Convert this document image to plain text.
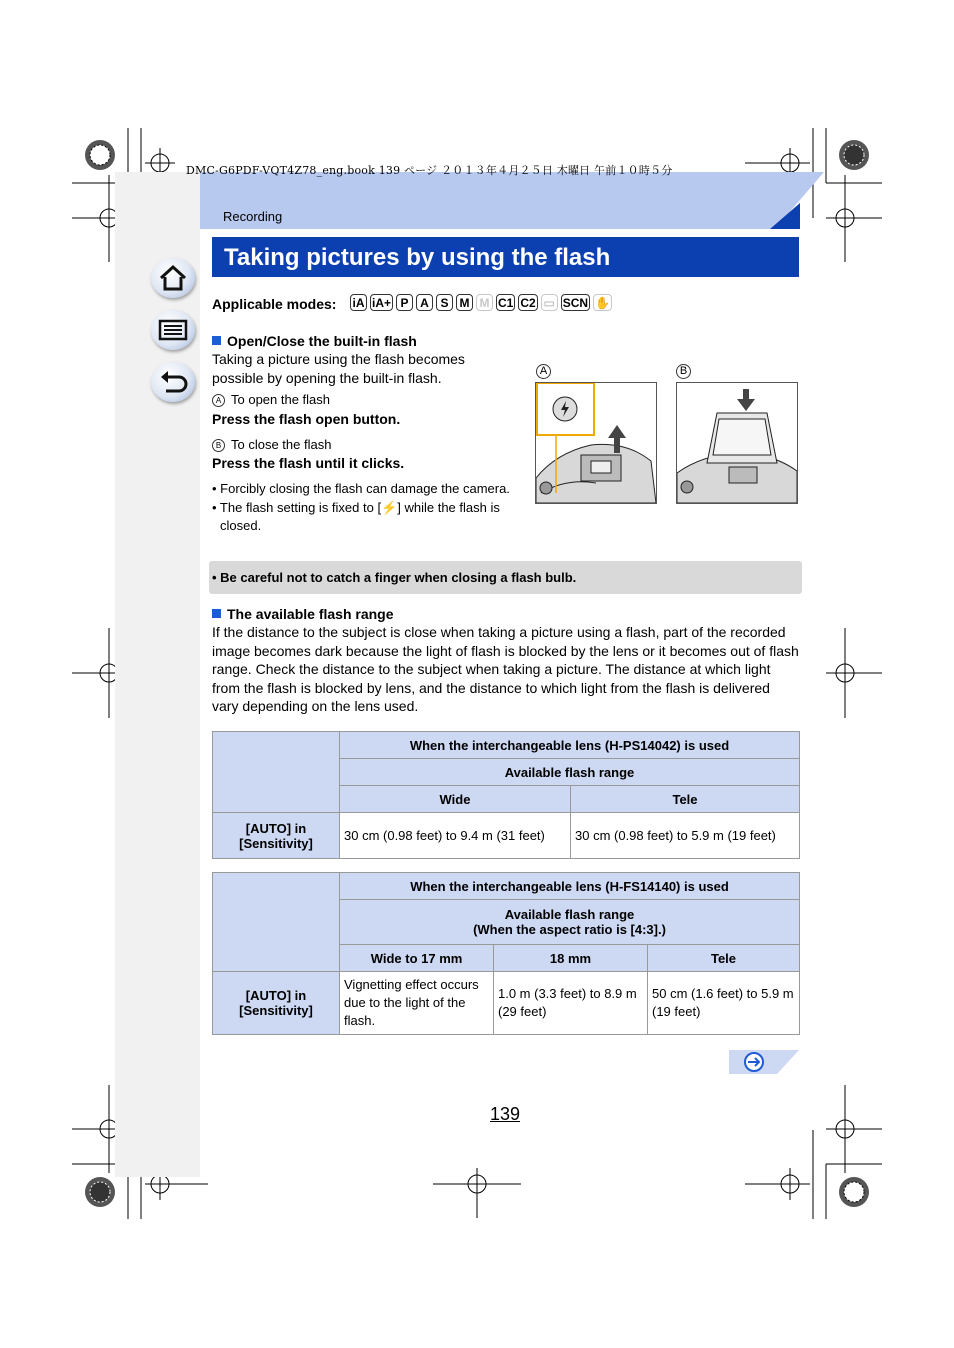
DMC-G6PDF-VQT4Z78_eng.book 139 ページ ２０１３年４月２５日 木曜日 午前１０時５分
Recording
Taking pictures by using the flash
Applicable modes: iA iA+ P A S M M C1 C2 ▭ SCN ✋
Open/Close the built-in flash
Taking a picture using the flash becomes possible by opening the built-in flash.
A To open the flash
Press the flash open button.
B To close the flash
Press the flash until it clicks.
• Forcibly closing the flash can damage the camera.
• The flash setting is fixed to [⚡] while the flash is closed.
A	B
• Be careful not to catch a finger when closing a flash bulb.
The available flash range
If the distance to the subject is close when taking a picture using a flash, part of the recorded image becomes dark because the light of flash is blocked by the lens or it becomes out of flash range. Check the distance to the subject when taking a picture. The distance at which light from the flash is blocked by lens, and the distance to which light from the flash is delivered vary depending on the lens used.
	When the interchangeable lens (H-PS14042) is used	
	Available flash range	
	Wide	Tele
[AUTO] in [Sensitivity]	30 cm (0.98 feet) to 9.4 m (31 feet)	30 cm (0.98 feet) to 5.9 m (19 feet)
	When the interchangeable lens (H-FS14140) is used		

	Available flash range
(When the aspect ratio is [4:3].)		

	Wide to 17 mm	18 mm	Tele
[AUTO] in [Sensitivity]	Vignetting effect occurs due to the light of the flash.	1.0 m (3.3 feet) to 8.9 m (29 feet)	50 cm (1.6 feet) to 5.9 m (19 feet)
139
